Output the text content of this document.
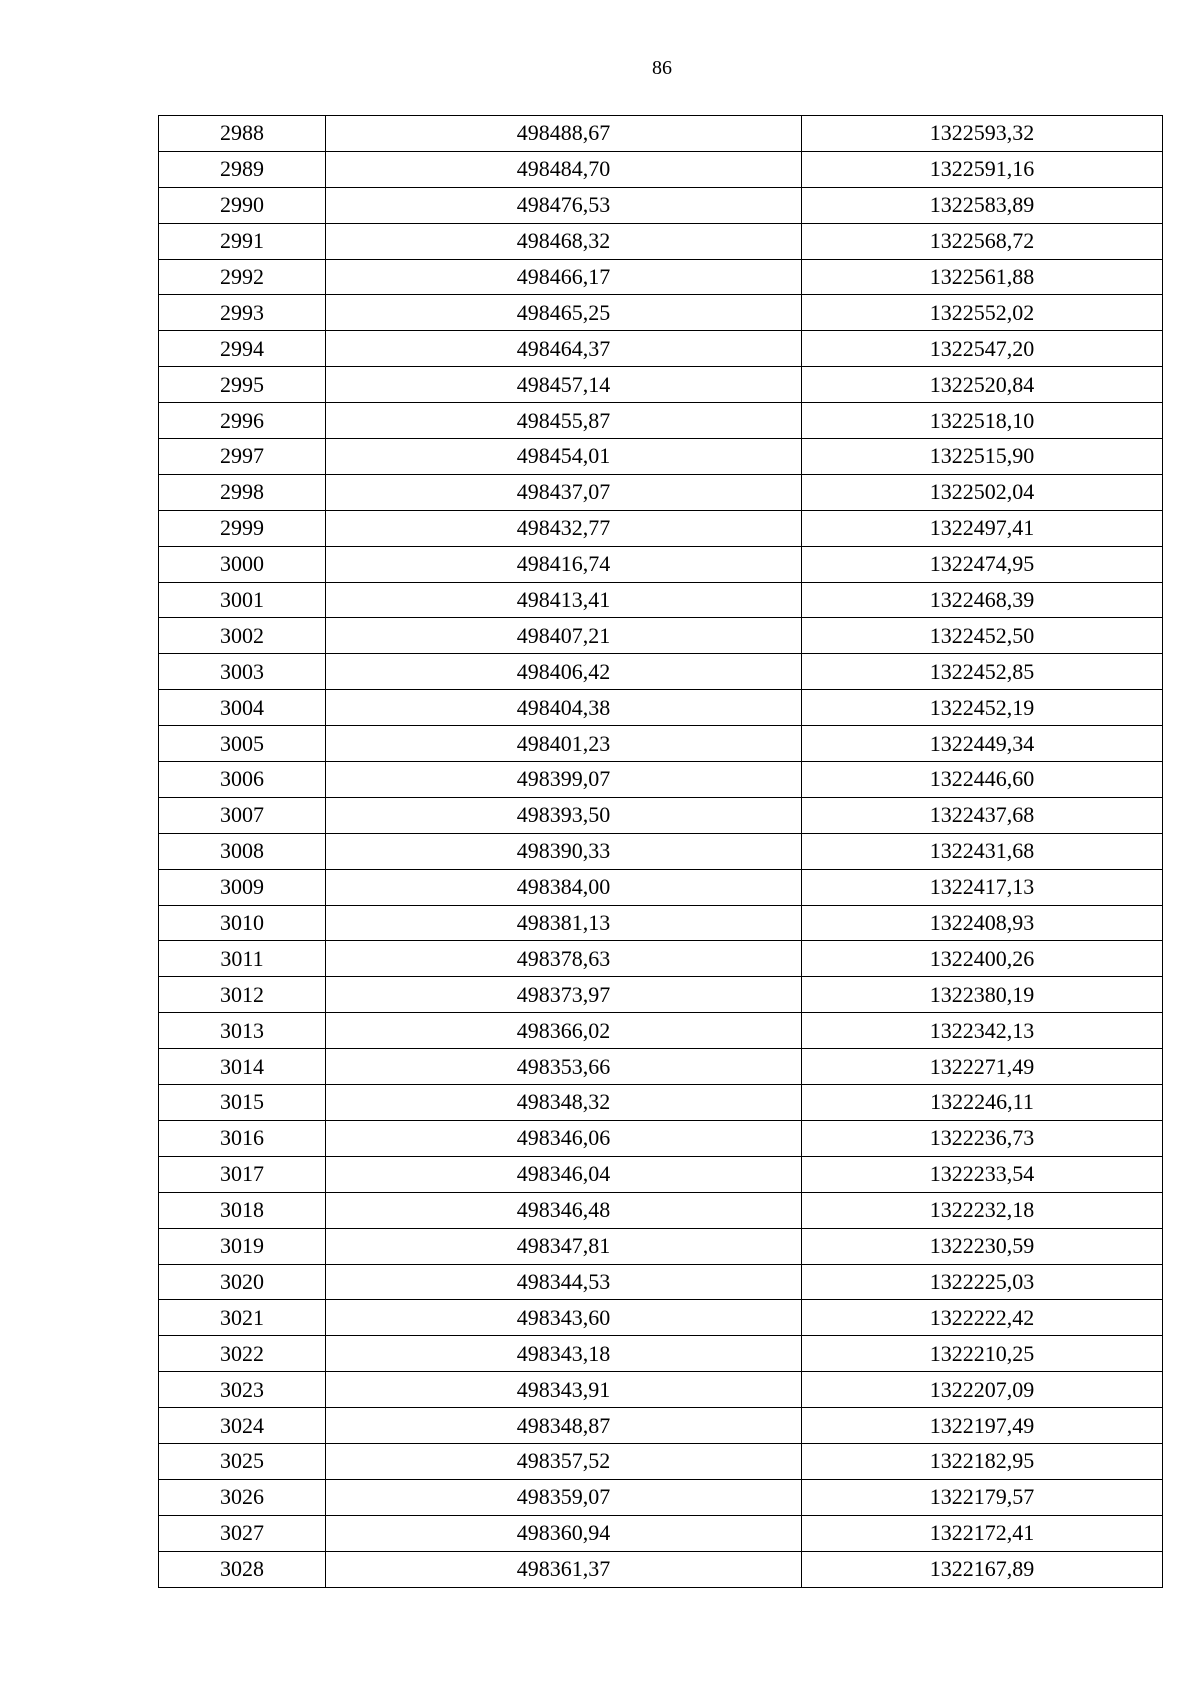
86
2988	498488,67	1322593,32
2989	498484,70	1322591,16
2990	498476,53	1322583,89
2991	498468,32	1322568,72
2992	498466,17	1322561,88
2993	498465,25	1322552,02
2994	498464,37	1322547,20
2995	498457,14	1322520,84
2996	498455,87	1322518,10
2997	498454,01	1322515,90
2998	498437,07	1322502,04
2999	498432,77	1322497,41
3000	498416,74	1322474,95
3001	498413,41	1322468,39
3002	498407,21	1322452,50
3003	498406,42	1322452,85
3004	498404,38	1322452,19
3005	498401,23	1322449,34
3006	498399,07	1322446,60
3007	498393,50	1322437,68
3008	498390,33	1322431,68
3009	498384,00	1322417,13
3010	498381,13	1322408,93
3011	498378,63	1322400,26
3012	498373,97	1322380,19
3013	498366,02	1322342,13
3014	498353,66	1322271,49
3015	498348,32	1322246,11
3016	498346,06	1322236,73
3017	498346,04	1322233,54
3018	498346,48	1322232,18
3019	498347,81	1322230,59
3020	498344,53	1322225,03
3021	498343,60	1322222,42
3022	498343,18	1322210,25
3023	498343,91	1322207,09
3024	498348,87	1322197,49
3025	498357,52	1322182,95
3026	498359,07	1322179,57
3027	498360,94	1322172,41
3028	498361,37	1322167,89
